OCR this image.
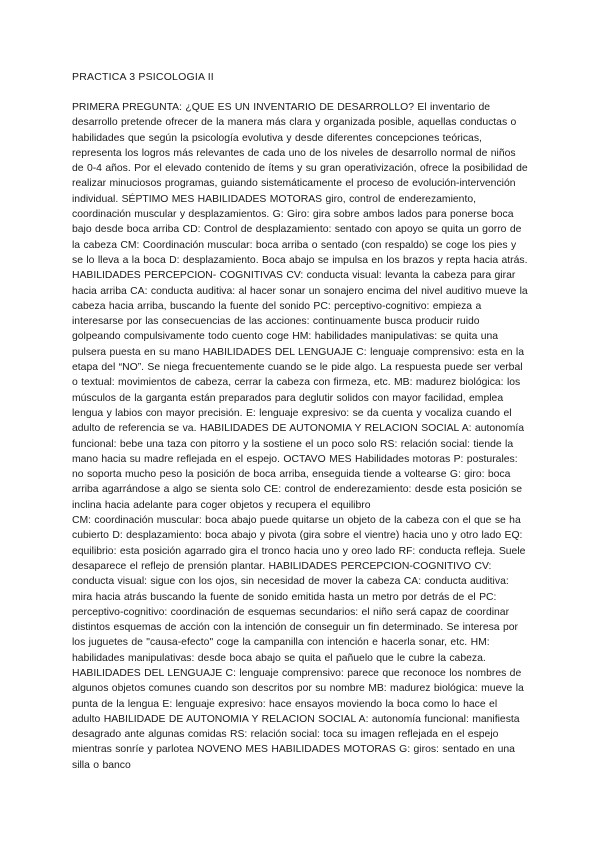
PRACTICA 3 PSICOLOGIA II

PRIMERA PREGUNTA: ¿QUE ES UN INVENTARIO DE DESARROLLO? El inventario de desarrollo pretende ofrecer de la manera más clara y organizada posible, aquellas conductas o habilidades que según la psicología evolutiva y desde diferentes concepciones teóricas, representa los logros más relevantes de cada uno de los niveles de desarrollo normal de niños de 0-4 años. Por el elevado contenido de ítems y su gran operativización, ofrece la posibilidad de realizar minuciosos programas, guiando sistemáticamente el proceso de evolución-intervención individual. SÉPTIMO MES HABILIDADES MOTORAS giro, control de enderezamiento, coordinación muscular y desplazamientos. G: Giro: gira sobre ambos lados para ponerse boca bajo desde boca arriba CD: Control de desplazamiento: sentado con apoyo se quita un gorro de la cabeza CM: Coordinación muscular: boca arriba o sentado (con respaldo) se coge los pies y se lo lleva a la boca D: desplazamiento. Boca abajo se impulsa en los brazos y repta hacia atrás. HABILIDADES PERCEPCION- COGNITIVAS CV: conducta visual: levanta la cabeza para girar hacia arriba CA: conducta auditiva: al hacer sonar un sonajero encima del nivel auditivo mueve la cabeza hacia arriba, buscando la fuente del sonido PC: perceptivo-cognitivo: empieza a interesarse por las consecuencias de las acciones: continuamente busca producir ruido golpeando compulsivamente todo cuento coge HM: habilidades manipulativas: se quita una pulsera puesta en su mano HABILIDADES DEL LENGUAJE C: lenguaje comprensivo: esta en la etapa del “NO”. Se niega frecuentemente cuando se le pide algo. La respuesta puede ser verbal o textual: movimientos de cabeza, cerrar la cabeza con firmeza, etc. MB: madurez biológica: los músculos de la garganta están preparados para deglutir solidos con mayor facilidad, emplea lengua y labios con mayor precisión. E: lenguaje expresivo: se da cuenta y vocaliza cuando el adulto de referencia se va. HABILIDADES DE AUTONOMIA Y RELACION SOCIAL A: autonomía funcional: bebe una taza con pitorro y la sostiene el un poco solo RS: relación social: tiende la mano hacia su madre reflejada en el espejo. OCTAVO MES Habilidades motoras P: posturales: no soporta mucho peso la posición de boca arriba, enseguida tiende a voltearse G: giro: boca arriba agarrándose a algo se sienta solo CE: control de enderezamiento: desde esta posición se inclina hacia adelante para coger objetos y recupera el equilibro

CM: coordinación muscular: boca abajo puede quitarse un objeto de la cabeza con el que se ha cubierto D: desplazamiento: boca abajo y pivota (gira sobre el vientre) hacia uno y otro lado EQ: equilibrio: esta posición agarrado gira el tronco hacia uno y oreo lado RF: conducta refleja. Suele desaparece el reflejo de prensión plantar. HABILIDADES PERCEPCION-COGNITIVO CV: conducta visual: sigue con los ojos, sin necesidad de mover la cabeza CA: conducta auditiva: mira hacia atrás buscando la fuente de sonido emitida hasta un metro por detrás de el PC: perceptivo-cognitivo: coordinación de esquemas secundarios: el niño será capaz de coordinar distintos esquemas de acción con la intención de conseguir un fin determinado. Se interesa por los juguetes de "causa-efecto" coge la campanilla con intención e hacerla sonar, etc. HM: habilidades manipulativas: desde boca abajo se quita el pañuelo que le cubre la cabeza. HABILIDADES DEL LENGUAJE C: lenguaje comprensivo: parece que reconoce los nombres de algunos objetos comunes cuando son descritos por su nombre MB: madurez biológica: mueve la punta de la lengua E: lenguaje expresivo: hace ensayos moviendo la boca como lo hace el adulto HABILIDADE DE AUTONOMIA Y RELACION SOCIAL A: autonomía funcional: manifiesta desagrado ante algunas comidas RS: relación social: toca su imagen reflejada en el espejo mientras sonríe y parlotea NOVENO MES HABILIDADES MOTORAS G: giros: sentado en una silla o banco
